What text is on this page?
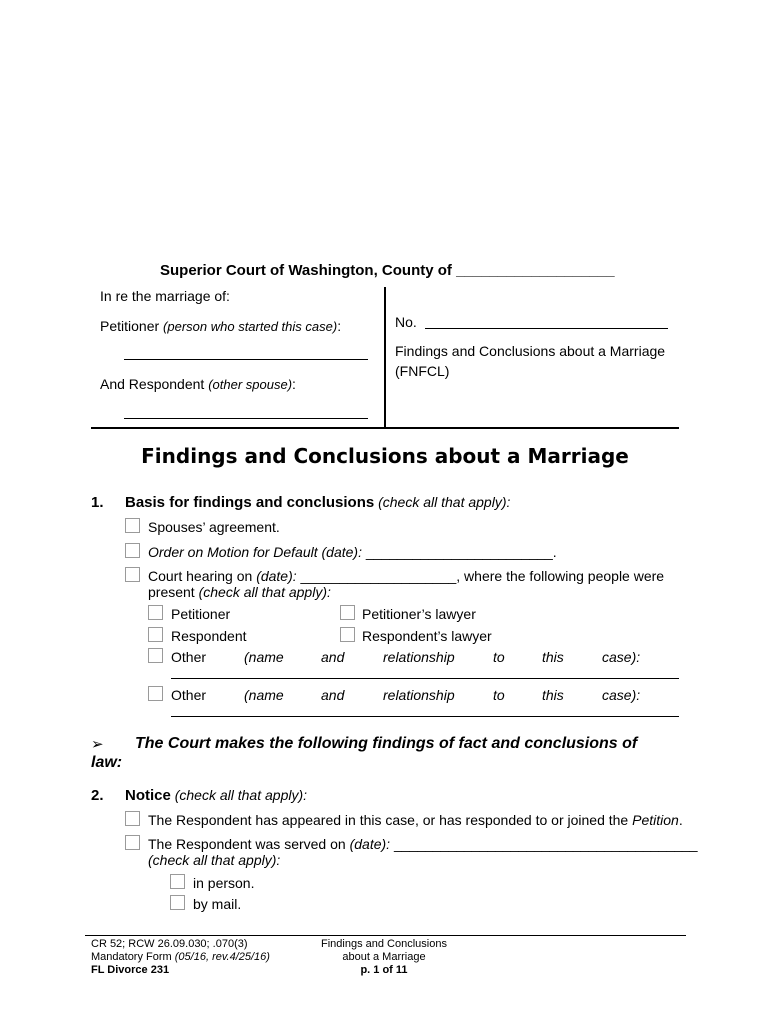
Superior Court of Washington, County of ___________________
In re the marriage of:
Petitioner (person who started this case):
And Respondent (other spouse):
No.
Findings and Conclusions about a Marriage
(FNFCL)
Findings and Conclusions about a Marriage
1. Basis for findings and conclusions (check all that apply):
Spouses’ agreement.
Order on Motion for Default (date): ________________________.
Court hearing on (date): ____________________, where the following people were
present (check all that apply):
Petitioner	Petitioner’s lawyer
Respondent	Respondent’s lawyer
Other	(name	and	relationship	to	this	case):
Other	(name	and	relationship	to	this	case):
➢ The Court makes the following findings of fact and conclusions of
law:
2. Notice (check all that apply):
The Respondent has appeared in this case, or has responded to or joined the Petition.
The Respondent was served on (date): _______________________________________
(check all that apply):
in person.
by mail.
CR 52; RCW 26.09.030; .070(3)
Mandatory Form (05/16, rev.4/25/16)
FL Divorce 231
Findings and Conclusions
about a Marriage
p. 1 of 11
